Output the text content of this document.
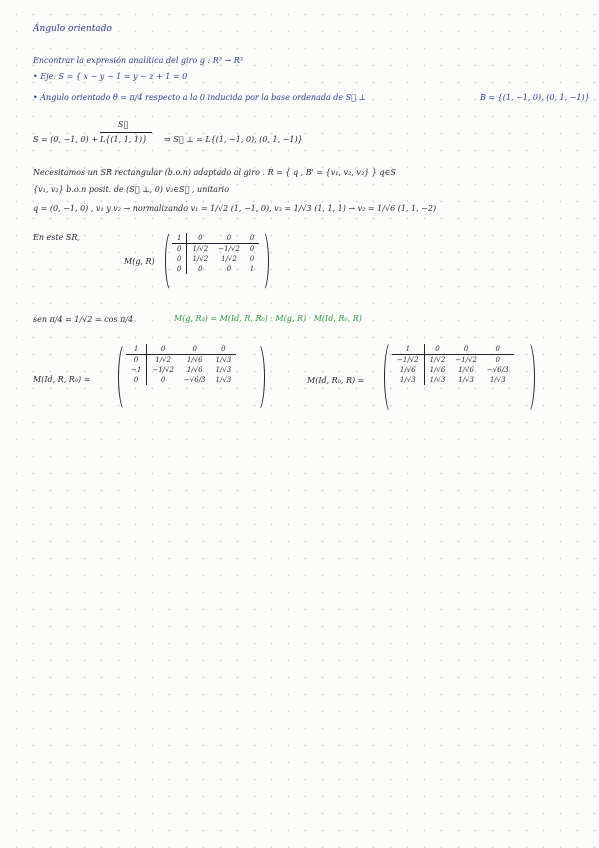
Ángulo orientado
Encontrar la expresión analítica del giro g : R³ → R³
• Eje: S = { x − y − 1 = y − z + 1 = 0
• Ángulo orientado θ = π/4 respecto a la 0 inducida por la base ordenada de S⃗ ⊥	B = {(1, −1, 0), (0, 1, −1)}
S = (0, −1, 0) +
S⃗
L{(1, 1, 1)} ⇒ S⃗ ⊥ = L{(1, −1, 0), (0, 1, −1)}
Necesitamos un SR rectangular (b.o.n) adaptado al giro . R = { q , B' = {v₁, v₂, v₃} } q∈S
{v₁, v₂} b.o.n posit. de (S⃗ ⊥, 0) v₃∈S⃗ , unitario
q = (0, −1, 0) , v₁ y v₂ → normalizando v₁ = 1/√2 (1, −1, 0), v₃ = 1/√3 (1, 1, 1) → v₂ = 1/√6 (1, 1, −2)
En este SR,
M(g, R)
1	0	0	0
0	1/√2	−1/√2	0
0	1/√2	1/√2	0
0	0	0	1
sen π/4 = 1/√2 = cos π/4	M(g, R₀) = M(Id, R, R₀) · M(g, R) · M(Id, R₀, R)
M(Id, R, R₀) =
1	0	0	0
0	1/√2	1/√6	1/√3
−1	−1/√2	1/√6	1/√3
0	0	−√6/3	1/√3	M(Id, R₀, R) =
1	0	0	0
−1/√2	1/√2	−1/√2	0
1/√6	1/√6	1/√6	−√6/3
1/√3	1/√3	1/√3	1/√3
